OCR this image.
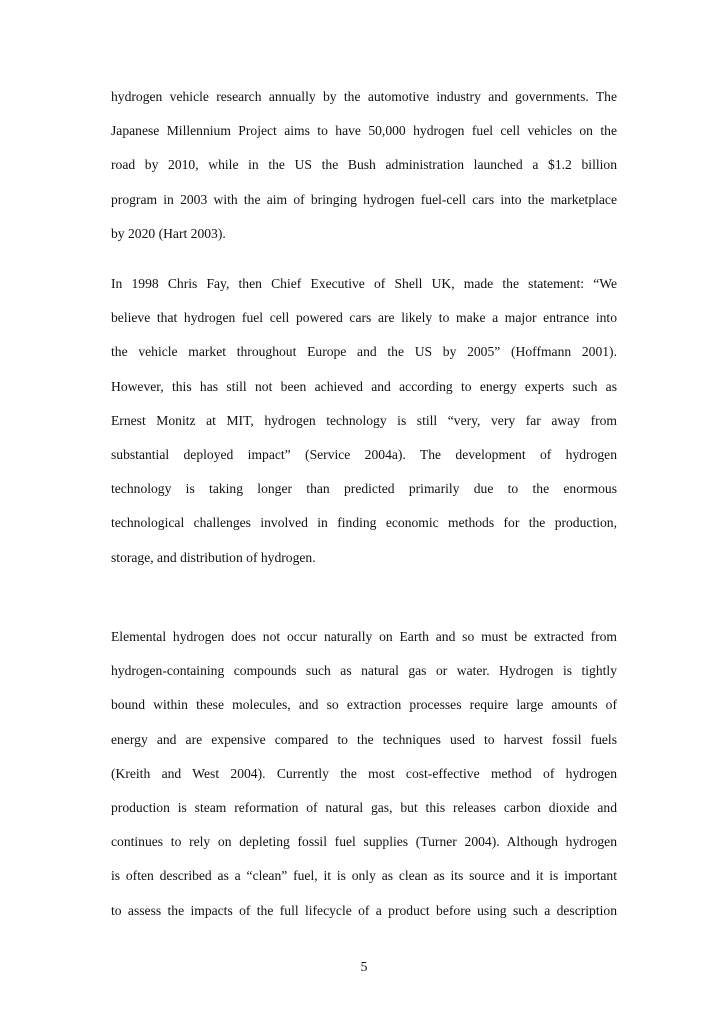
hydrogen vehicle research annually by the automotive industry and governments. The
Japanese Millennium Project aims to have 50,000 hydrogen fuel cell vehicles on the
road by 2010, while in the US the Bush administration launched a $1.2 billion
program in 2003 with the aim of bringing hydrogen fuel-cell cars into the marketplace
by 2020 (Hart 2003).
In 1998 Chris Fay, then Chief Executive of Shell UK, made the statement: “We
believe that hydrogen fuel cell powered cars are likely to make a major entrance into
the vehicle market throughout Europe and the US by 2005” (Hoffmann 2001).
However, this has still not been achieved and according to energy experts such as
Ernest Monitz at MIT, hydrogen technology is still “very, very far away from
substantial deployed impact” (Service 2004a). The development of hydrogen
technology is taking longer than predicted primarily due to the enormous
technological challenges involved in finding economic methods for the production,
storage, and distribution of hydrogen.
Elemental hydrogen does not occur naturally on Earth and so must be extracted from
hydrogen-containing compounds such as natural gas or water. Hydrogen is tightly
bound within these molecules, and so extraction processes require large amounts of
energy and are expensive compared to the techniques used to harvest fossil fuels
(Kreith and West 2004). Currently the most cost-effective method of hydrogen
production is steam reformation of natural gas, but this releases carbon dioxide and
continues to rely on depleting fossil fuel supplies (Turner 2004). Although hydrogen
is often described as a “clean” fuel, it is only as clean as its source and it is important
to assess the impacts of the full lifecycle of a product before using such a description
5
